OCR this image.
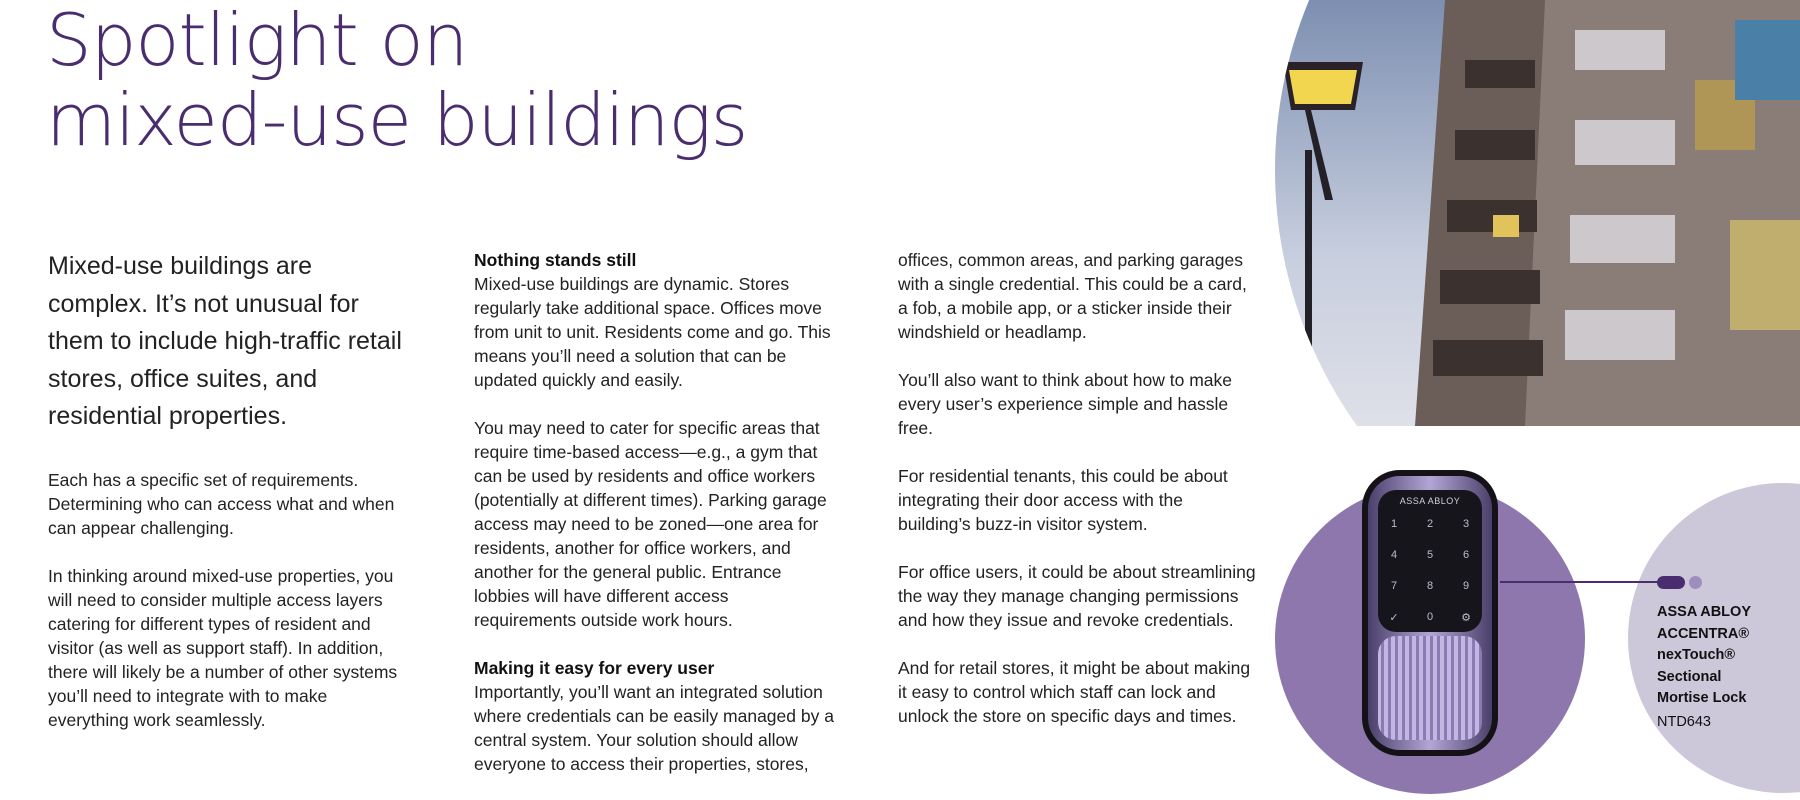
Spotlight on
mixed-use buildings

Mixed-use buildings are complex. It’s not unusual for them to include high-traffic retail stores, office suites, and residential properties.

Each has a specific set of requirements. Determining who can access what and when can appear challenging.

In thinking around mixed-use properties, you will need to consider multiple access layers catering for different types of resident and visitor (as well as support staff). In addition, there will likely be a number of other systems you’ll need to integrate with to make everything work seamlessly.

Nothing stands still

Mixed-use buildings are dynamic. Stores regularly take additional space. Offices move from unit to unit. Residents come and go. This means you’ll need a solution that can be updated quickly and easily.

You may need to cater for specific areas that require time-based access—e.g., a gym that can be used by residents and office workers (potentially at different times). Parking garage access may need to be zoned—one area for residents, another for office workers, and another for the general public. Entrance lobbies will have different access requirements outside work hours.

Making it easy for every user

Importantly, you’ll want an integrated solution where credentials can be easily managed by a central system. Your solution should allow everyone to access their properties, stores,

offices, common areas, and parking garages with a single credential. This could be a card, a fob, a mobile app, or a sticker inside their windshield or headlamp.

You’ll also want to think about how to make every user’s experience simple and hassle free.

For residential tenants, this could be about integrating their door access with the building’s buzz-in visitor system.

For office users, it could be about streamlining the way they manage changing permissions and how they issue and revoke credentials.

And for retail stores, it might be about making it easy to control which staff can lock and unlock the store on specific days and times.

ASSA ABLOY
1	2	3
4	5	6
7	8	9
✓	0	⚙	ASSA ABLOY
ACCENTRA®
nexTouch® Sectional
Mortise Lock
NTD643
